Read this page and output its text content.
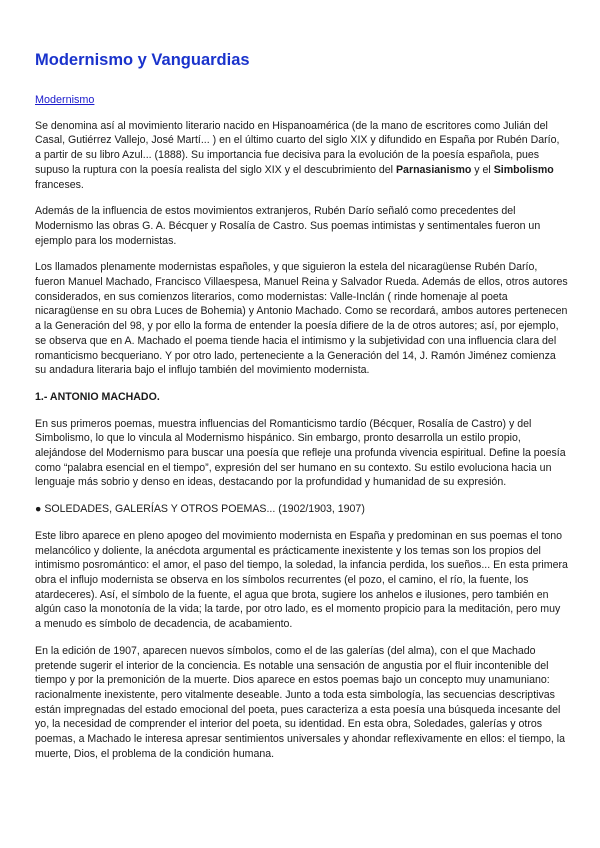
Modernismo y Vanguardias
Modernismo

Se denomina así al movimiento literario nacido en Hispanoamérica (de la mano de escritores como Julián del Casal, Gutiérrez Vallejo, José Martí... ) en el último cuarto del siglo XIX y difundido en España por Rubén Darío, a partir de su libro Azul... (1888). Su importancia fue decisiva para la evolución de la poesía española, pues supuso la ruptura con la poesía realista del siglo XIX y el descubrimiento del Parnasianismo y el Simbolismo franceses.

Además de la influencia de estos movimientos extranjeros, Rubén Darío señaló como precedentes del Modernismo las obras G. A. Bécquer y Rosalía de Castro. Sus poemas intimistas y sentimentales fueron un ejemplo para los modernistas.

Los llamados plenamente modernistas españoles, y que siguieron la estela del nicaragüense Rubén Darío, fueron Manuel Machado, Francisco Villaespesa, Manuel Reina y Salvador Rueda. Además de ellos, otros autores considerados, en sus comienzos literarios, como modernistas: Valle-Inclán ( rinde homenaje al poeta nicaragüense en su obra Luces de Bohemia) y Antonio Machado. Como se recordará, ambos autores pertenecen a la Generación del 98, y por ello la forma de entender la poesía difiere de la de otros autores; así, por ejemplo, se observa que en A. Machado el poema tiende hacia el intimismo y la subjetividad con una influencia clara del romanticismo becqueriano. Y por otro lado, perteneciente a la Generación del 14, J. Ramón Jiménez comienza su andadura literaria bajo el influjo también del movimiento modernista.

1.- ANTONIO MACHADO.

En sus primeros poemas, muestra influencias del Romanticismo tardío (Bécquer, Rosalía de Castro) y del Simbolismo, lo que lo vincula al Modernismo hispánico. Sin embargo, pronto desarrolla un estilo propio, alejándose del Modernismo para buscar una poesía que refleje una profunda vivencia espiritual. Define la poesía como “palabra esencial en el tiempo”, expresión del ser humano en su contexto. Su estilo evoluciona hacia un lenguaje más sobrio y denso en ideas, destacando por la profundidad y humanidad de su expresión.

● SOLEDADES, GALERÍAS Y OTROS POEMAS... (1902/1903, 1907)

Este libro aparece en pleno apogeo del movimiento modernista en España y predominan en sus poemas el tono melancólico y doliente, la anécdota argumental es prácticamente inexistente y los temas son los propios del intimismo posromántico: el amor, el paso del tiempo, la soledad, la infancia perdida, los sueños... En esta primera obra el influjo modernista se observa en los símbolos recurrentes (el pozo, el camino, el río, la fuente, los atardeceres). Así, el símbolo de la fuente, el agua que brota, sugiere los anhelos e ilusiones, pero también en algún caso la monotonía de la vida; la tarde, por otro lado, es el momento propicio para la meditación, pero muy a menudo es símbolo de decadencia, de acabamiento.

En la edición de 1907, aparecen nuevos símbolos, como el de las galerías (del alma), con el que Machado pretende sugerir el interior de la conciencia. Es notable una sensación de angustia por el fluir incontenible del tiempo y por la premonición de la muerte. Dios aparece en estos poemas bajo un concepto muy unamuniano: racionalmente inexistente, pero vitalmente deseable. Junto a toda esta simbología, las secuencias descriptivas están impregnadas del estado emocional del poeta, pues caracteriza a esta poesía una búsqueda incesante del yo, la necesidad de comprender el interior del poeta, su identidad. En esta obra, Soledades, galerías y otros poemas, a Machado le interesa apresar sentimientos universales y ahondar reflexivamente en ellos: el tiempo, la muerte, Dios, el problema de la condición humana.
